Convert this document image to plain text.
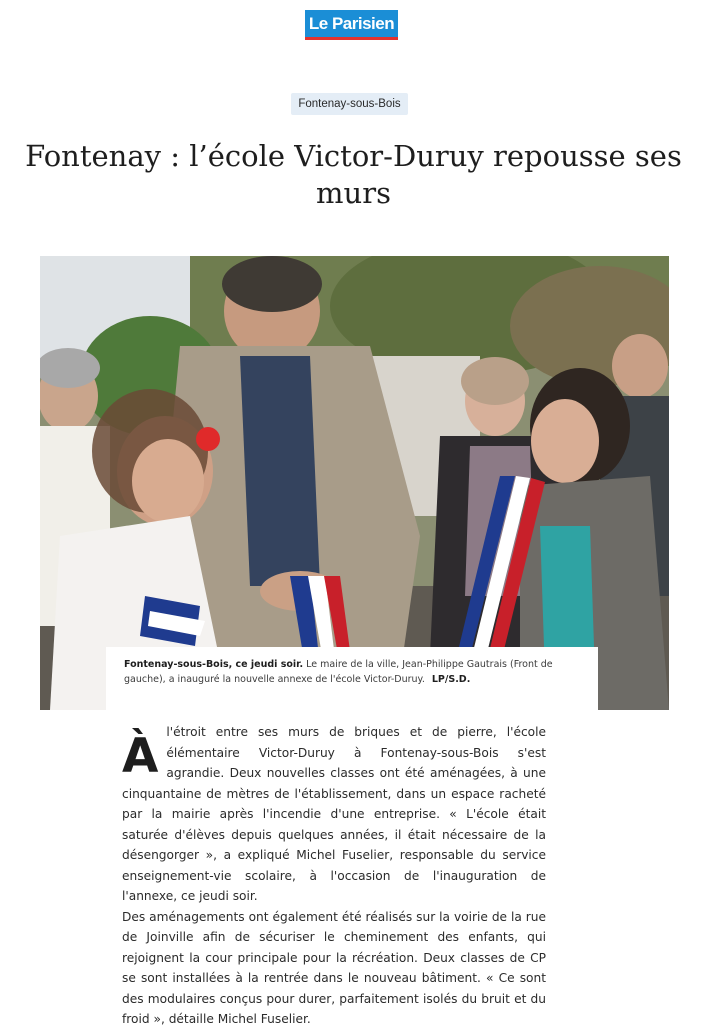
Le Parisien
Fontenay-sous-Bois
Fontenay : l’école Victor-Duruy repousse ses murs
Fontenay-sous-Bois, ce jeudi soir. Le maire de la ville, Jean-Philippe Gautrais (Front de gauche), a inauguré la nouvelle annexe de l'école Victor-Duruy. LP/S.D.
À l'étroit entre ses murs de briques et de pierre, l'école élémentaire Victor-Duruy à Fontenay-sous-Bois s'est agrandie. Deux nouvelles classes ont été aménagées, à une cinquantaine de mètres de l'établissement, dans un espace racheté par la mairie après l'incendie d'une entreprise. « L'école était saturée d'élèves depuis quelques années, il était nécessaire de la désengorger », a expliqué Michel Fuselier, responsable du service enseignement-vie scolaire, à l'occasion de l'inauguration de l'annexe, ce jeudi soir.

Des aménagements ont également été réalisés sur la voirie de la rue de Joinville afin de sécuriser le cheminement des enfants, qui rejoignent la cour principale pour la récréation. Deux classes de CP se sont installées à la rentrée dans le nouveau bâtiment. « Ce sont des modulaires conçus pour durer, parfaitement isolés du bruit et du froid », détaille Michel Fuselier.
